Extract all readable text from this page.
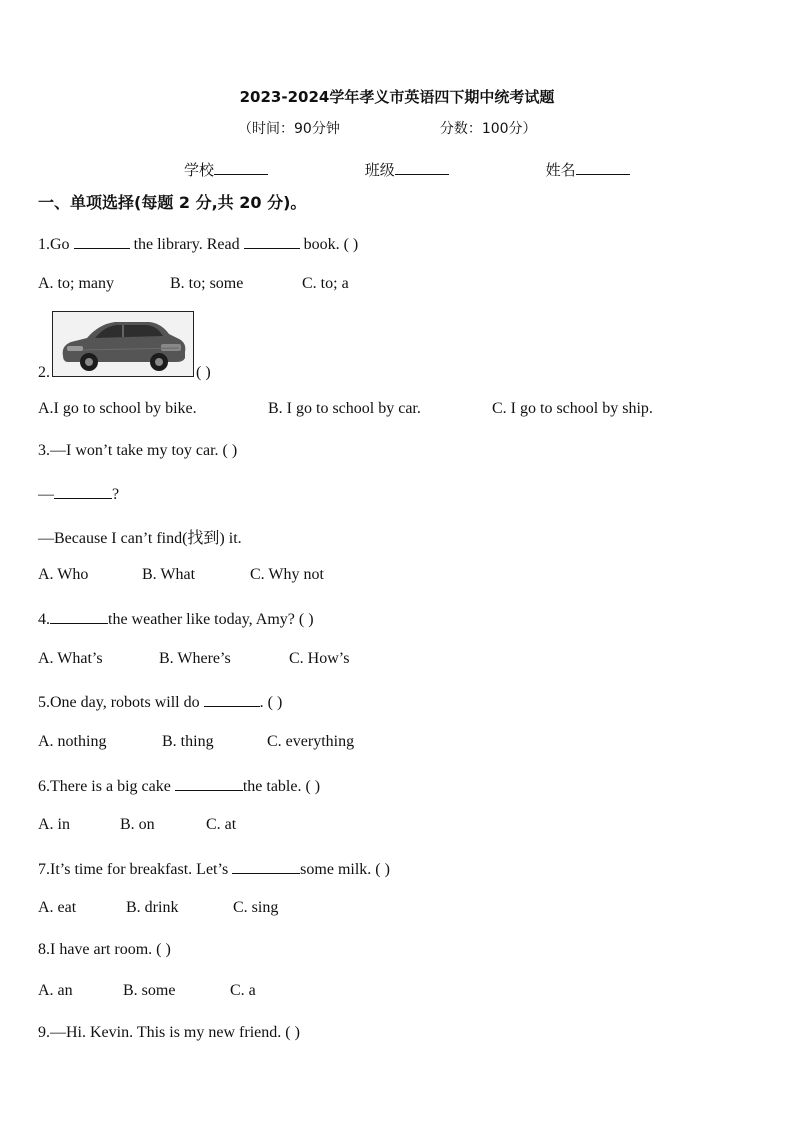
2023-2024学年孝义市英语四下期中统考试题
（时间：90分钟	分数：100分）
学校	班级	姓名
一、单项选择(每题 2 分,共 20 分)。
1.Go	the library. Read	book. ( )
A. to; many	B. to; some	C. to; a
2.	( )
A.I go to school by bike.	B. I go to school by car.	C. I go to school by ship.
3.—I won’t take my toy car. ( )
—	?
—Because I can’t find(找到) it.
A. Who	B. What	C. Why not
4.	the weather like today, Amy? ( )
A. What’s	B. Where’s	C. How’s
5.One day, robots will do	. ( )
A. nothing	B. thing	C. everything
6.There is a big cake	the table. ( )
A. in	B. on	C. at
7.It’s time for breakfast. Let’s	some milk. ( )
A. eat	B. drink	C. sing
8.I have art room. ( )
A. an	B. some	C. a
9.—Hi. Kevin. This is my new friend. ( )
